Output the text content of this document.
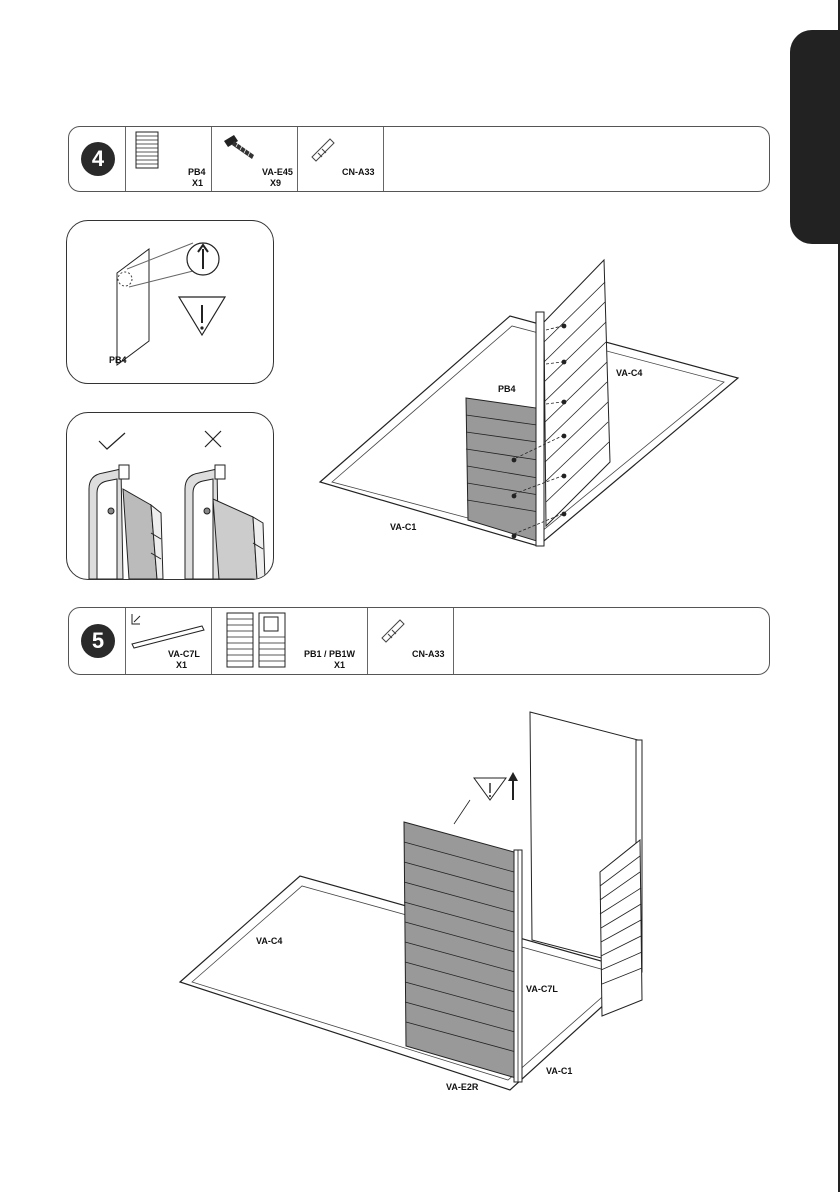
4
PB4
X1
VA-E45
X9
CN-A33
PB4
PB4
VA-C4
VA-C1
5
VA-C7L
X1
PB1 / PB1W
X1
CN-A33
VA-C4
VA-C7L
VA-C1
VA-E2R
